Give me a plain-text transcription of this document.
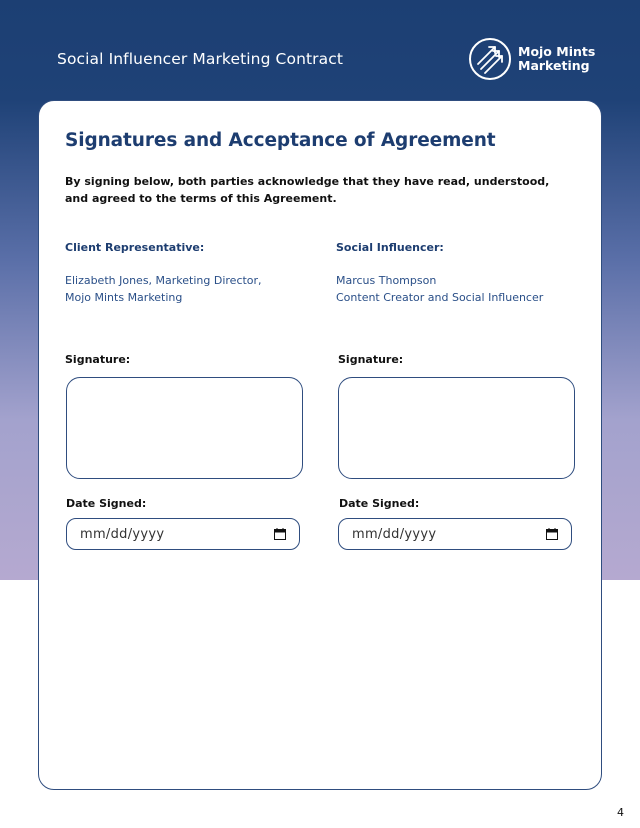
Social Influencer Marketing Contract	Mojo Mints
Marketing
Signatures and Acceptance of Agreement
By signing below, both parties acknowledge that they have read, understood, and agreed to the terms of this Agreement.
Client Representative:
Elizabeth Jones, Marketing Director,
Mojo Mints Marketing
Social Influencer:
Marcus Thompson
Content Creator and Social Influencer
Signature:	Signature:
Date Signed:	Date Signed:
mm/dd/yyyy	mm/dd/yyyy
4
